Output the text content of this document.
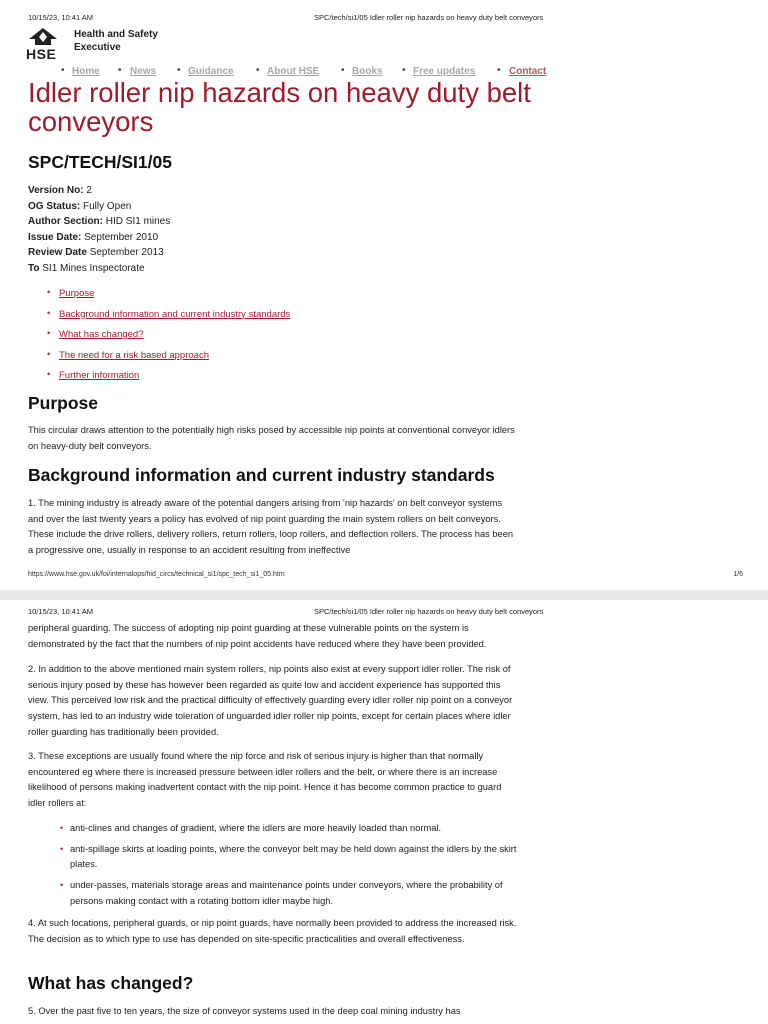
10/15/23, 10:41 AM	SPC/tech/si1/05 Idler roller nip hazards on heavy duty belt conveyors
HSE
Health and Safety Executive
• Home • News • Guidance • About HSE • Books • Free updates • Contact
Idler roller nip hazards on heavy duty belt conveyors
SPC/TECH/SI1/05
Version No: 2
OG Status: Fully Open
Author Section: HID SI1 mines
Issue Date: September 2010
Review Date September 2013
To SI1 Mines Inspectorate
• Purpose
• Background information and current industry standards
• What has changed?
• The need for a risk based approach
• Further information
Purpose

This circular draws attention to the potentially high risks posed by accessible nip points at conventional conveyor idlers on heavy-duty belt conveyors.

Background information and current industry standards

1. The mining industry is already aware of the potential dangers arising from 'nip hazards' on belt conveyor systems and over the last twenty years a policy has evolved of nip point guarding the main system rollers on belt conveyors. These include the drive rollers, delivery rollers, return rollers, loop rollers, and deflection rollers. The process has been a progressive one, usually in response to an accident resulting from ineffective

https://www.hse.gov.uk/foi/internalops/hid_circs/technical_si1/spc_tech_si1_05.htm	1/6
10/15/23, 10:41 AM	SPC/tech/si1/05 Idler roller nip hazards on heavy duty belt conveyors

peripheral guarding. The success of adopting nip point guarding at these vulnerable points on the system is demonstrated by the fact that the numbers of nip point accidents have reduced where they have been provided.

2. In addition to the above mentioned main system rollers, nip points also exist at every support idler roller. The risk of serious injury posed by these has however been regarded as quite low and accident experience has supported this view. This perceived low risk and the practical difficulty of effectively guarding every idler roller nip point on a conveyor system, has led to an industry wide toleration of unguarded idler roller nip points, except for certain places where idler roller guarding has traditionally been provided.

3. These exceptions are usually found where the nip force and risk of serious injury is higher than that normally encountered eg where there is increased pressure between idler rollers and the belt, or where there is an increase likelihood of persons making inadvertent contact with the nip point. Hence it has become common practice to guard idler rollers at:

• anti-clines and changes of gradient, where the idlers are more heavily loaded than normal.
• anti-spillage skirts at loading points, where the conveyor belt may be held down against the idlers by the skirt plates.
• under-passes, materials storage areas and maintenance points under conveyors, where the probability of persons making contact with a rotating bottom idler maybe high.

4. At such locations, peripheral guards, or nip point guards, have normally been provided to address the increased risk. The decision as to which type to use has depended on site-specific practicalities and overall effectiveness.

What has changed?

5. Over the past five to ten years, the size of conveyor systems used in the deep coal mining industry has
